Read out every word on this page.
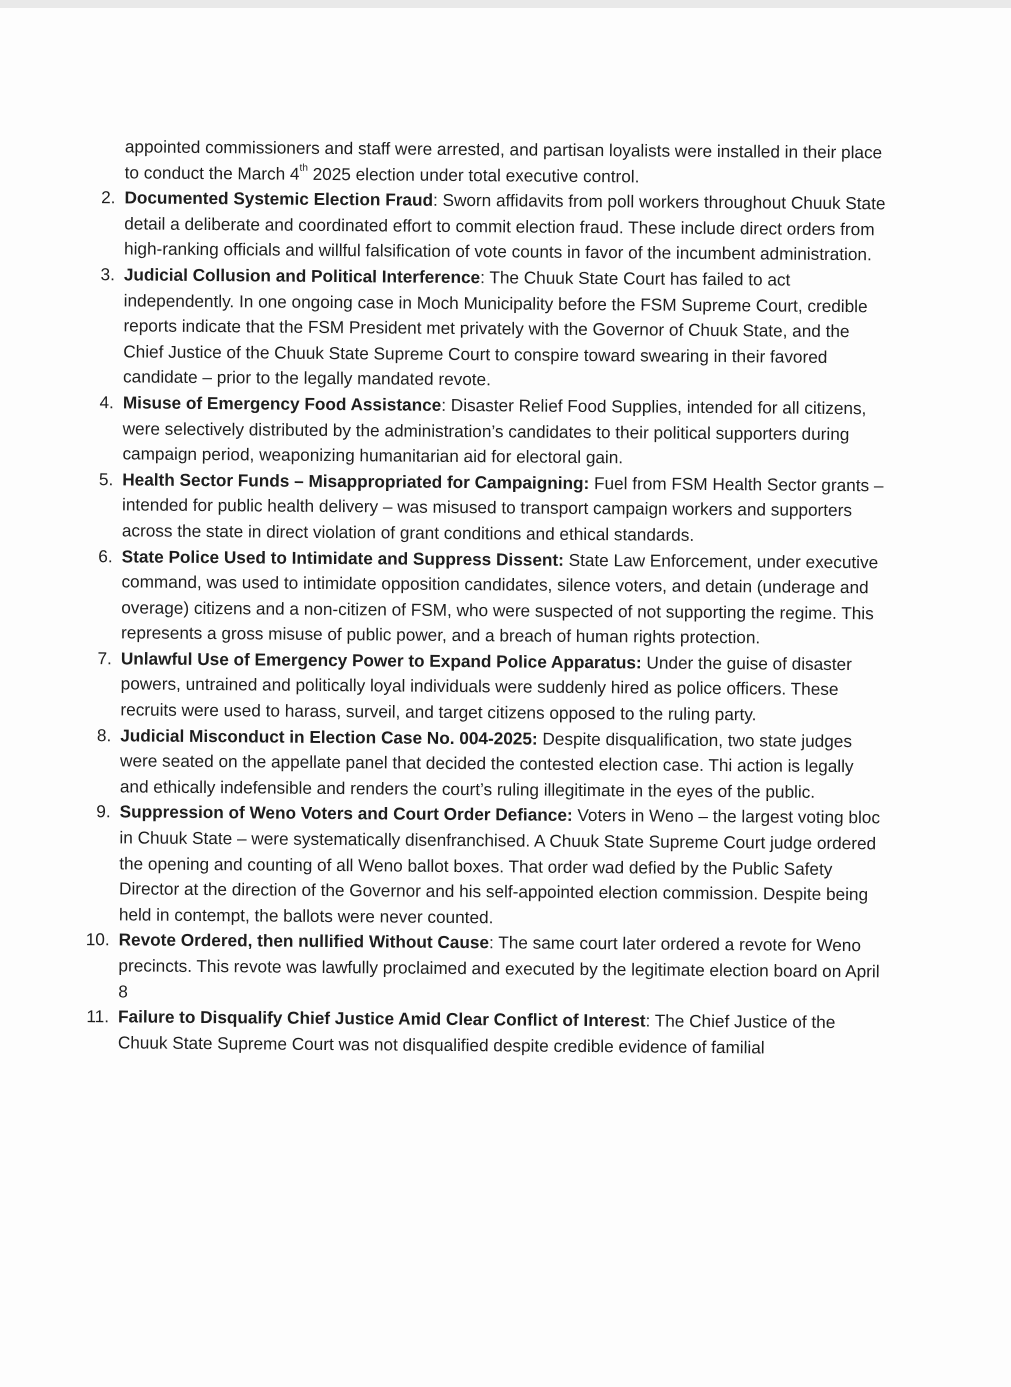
appointed commissioners and staff were arrested, and partisan loyalists were installed in their place to conduct the March 4th 2025 election under total executive control.

2. Documented Systemic Election Fraud: Sworn affidavits from poll workers throughout Chuuk State detail a deliberate and coordinated effort to commit election fraud. These include direct orders from high-ranking officials and willful falsification of vote counts in favor of the incumbent administration.
3. Judicial Collusion and Political Interference: The Chuuk State Court has failed to act independently. In one ongoing case in Moch Municipality before the FSM Supreme Court, credible reports indicate that the FSM President met privately with the Governor of Chuuk State, and the Chief Justice of the Chuuk State Supreme Court to conspire toward swearing in their favored candidate – prior to the legally mandated revote.
4. Misuse of Emergency Food Assistance: Disaster Relief Food Supplies, intended for all citizens, were selectively distributed by the administration’s candidates to their political supporters during campaign period, weaponizing humanitarian aid for electoral gain.
5. Health Sector Funds – Misappropriated for Campaigning: Fuel from FSM Health Sector grants – intended for public health delivery – was misused to transport campaign workers and supporters across the state in direct violation of grant conditions and ethical standards.
6. State Police Used to Intimidate and Suppress Dissent: State Law Enforcement, under executive command, was used to intimidate opposition candidates, silence voters, and detain (underage and overage) citizens and a non-citizen of FSM, who were suspected of not supporting the regime. This represents a gross misuse of public power, and a breach of human rights protection.
7. Unlawful Use of Emergency Power to Expand Police Apparatus: Under the guise of disaster powers, untrained and politically loyal individuals were suddenly hired as police officers. These recruits were used to harass, surveil, and target citizens opposed to the ruling party.
8. Judicial Misconduct in Election Case No. 004-2025: Despite disqualification, two state judges were seated on the appellate panel that decided the contested election case. Thi action is legally and ethically indefensible and renders the court’s ruling illegitimate in the eyes of the public.
9. Suppression of Weno Voters and Court Order Defiance: Voters in Weno – the largest voting bloc in Chuuk State – were systematically disenfranchised. A Chuuk State Supreme Court judge ordered the opening and counting of all Weno ballot boxes. That order wad defied by the Public Safety Director at the direction of the Governor and his self-appointed election commission. Despite being held in contempt, the ballots were never counted.
10. Revote Ordered, then nullified Without Cause: The same court later ordered a revote for Weno precincts. This revote was lawfully proclaimed and executed by the legitimate election board on April 8
11. Failure to Disqualify Chief Justice Amid Clear Conflict of Interest: The Chief Justice of the Chuuk State Supreme Court was not disqualified despite credible evidence of familial
